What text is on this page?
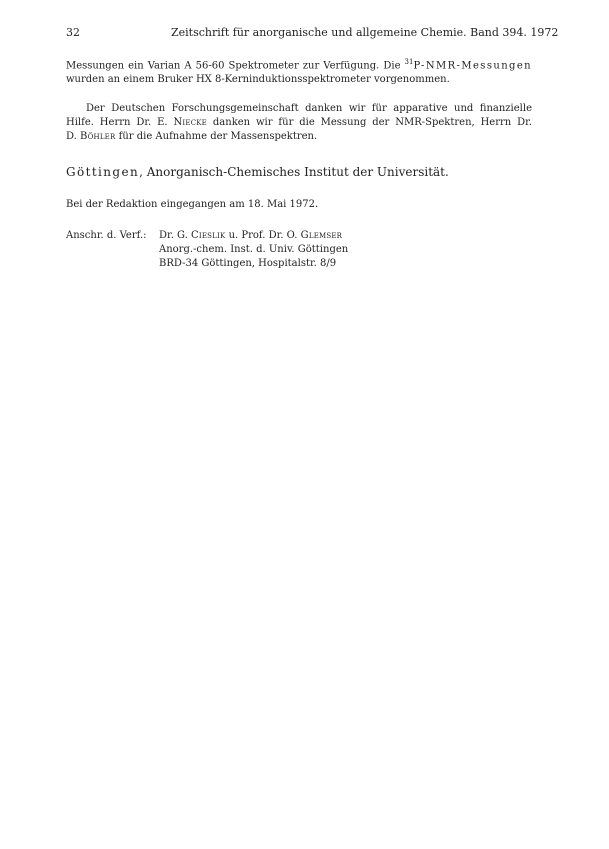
32	Zeitschrift für anorganische und allgemeine Chemie. Band 394. 1972
Messungen ein Varian A 56-60 Spektrometer zur Verfügung. Die $^{31}$P-NMR-Messungen
wurden an einem Bruker HX 8-Kerninduktionsspektrometer vorgenommen.
Der Deutschen Forschungsgemeinschaft danken wir für apparative und finanzielle
Hilfe. Herrn Dr. E. Niecke danken wir für die Messung der NMR-Spektren, Herrn Dr.
D. Böhler für die Aufnahme der Massenspektren.
Göttingen, Anorganisch-Chemisches Institut der Universität.
Bei der Redaktion eingegangen am 18. Mai 1972.
Anschr. d. Verf.: Dr. G. Cieslik u. Prof. Dr. O. Glemser
Anorg.-chem. Inst. d. Univ. Göttingen
BRD-34 Göttingen, Hospitalstr. 8/9
